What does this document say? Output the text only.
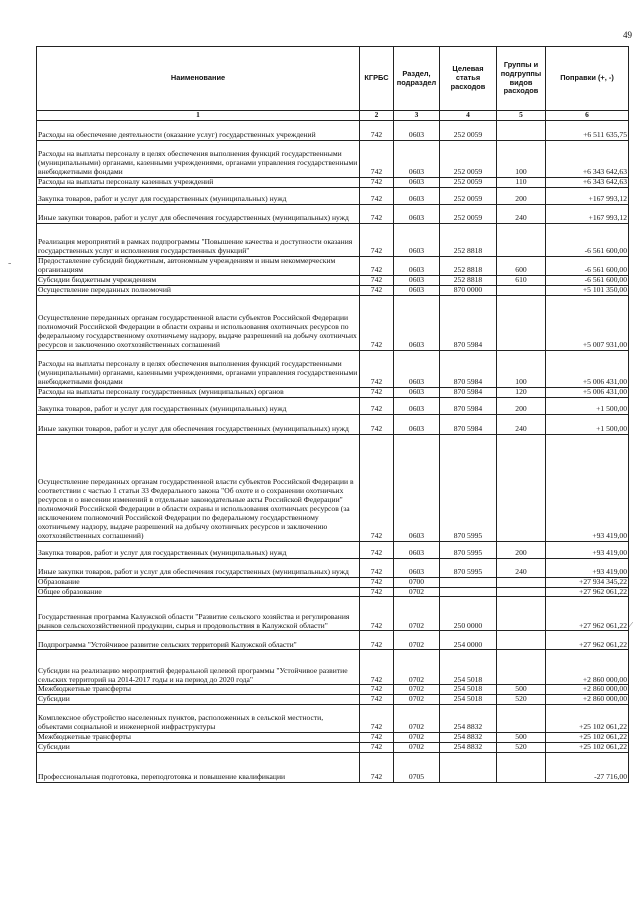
49
-
/
Наименование	КГРБС	Раздел, подраздел	Целевая статья расходов	Группы и подгруппы видов расходов	Поправки (+, -)
1	2	3	4	5	6
Расходы на обеспечение деятельности (оказание услуг) государственных учреждений	742	0603	252 0059		+6 511 635,75
Расходы на выплаты персоналу в целях обеспечения выполнения функций государственными (муниципальными) органами, казенными учреждениями, органами управления государственными внебюджетными фондами	742	0603	252 0059	100	+6 343 642,63
Расходы на выплаты персоналу казенных учреждений	742	0603	252 0059	110	+6 343 642,63
Закупка товаров, работ и услуг для государственных (муниципальных) нужд	742	0603	252 0059	200	+167 993,12
Иные закупки товаров, работ и услуг для обеспечения государственных (муниципальных) нужд	742	0603	252 0059	240	+167 993,12
Реализация мероприятий в рамках подпрограммы "Повышение качества и доступности оказания государственных услуг и исполнения государственных функций"	742	0603	252 8818		-6 561 600,00
Предоставление субсидий бюджетным, автономным учреждениям и иным некоммерческим организациям	742	0603	252 8818	600	-6 561 600,00
Субсидии бюджетным учреждениям	742	0603	252 8818	610	-6 561 600,00
Осуществление переданных полномочий	742	0603	870 0000		+5 101 350,00
Осуществление переданных органам государственной власти субъектов Российской Федерации полномочий Российской Федерации в области охраны и использования охотничьих ресурсов по федеральному государственному охотничьему надзору, выдаче разрешений на добычу охотничьих ресурсов и заключению охотхозяйственных соглашений	742	0603	870 5984		+5 007 931,00
Расходы на выплаты персоналу в целях обеспечения выполнения функций государственными (муниципальными) органами, казенными учреждениями, органами управления государственными внебюджетными фондами	742	0603	870 5984	100	+5 006 431,00
Расходы на выплаты персоналу государственных (муниципальных) органов	742	0603	870 5984	120	+5 006 431,00
Закупка товаров, работ и услуг для государственных (муниципальных) нужд	742	0603	870 5984	200	+1 500,00
Иные закупки товаров, работ и услуг для обеспечения государственных (муниципальных) нужд	742	0603	870 5984	240	+1 500,00
Осуществление переданных органам государственной власти субъектов Российской Федерации в соответствии с частью 1 статьи 33 Федерального закона "Об охоте и о сохранении охотничьих ресурсов и о внесении изменений в отдельные законодательные акты Российской Федерации" полномочий Российской Федерации в области охраны и использования охотничьих ресурсов (за исключением полномочий Российской Федерации по федеральному государственному охотничьему надзору, выдаче разрешений на добычу охотничьих ресурсов и заключению охотхозяйственных соглашений)	742	0603	870 5995		+93 419,00
Закупка товаров, работ и услуг для государственных (муниципальных) нужд	742	0603	870 5995	200	+93 419,00
Иные закупки товаров, работ и услуг для обеспечения государственных (муниципальных) нужд	742	0603	870 5995	240	+93 419,00
Образование	742	0700			+27 934 345,22
Общее образование	742	0702			+27 962 061,22
Государственная программа Калужской области "Развитие сельского хозяйства и регулирования рынков сельскохозяйственной продукции, сырья и продовольствия в Калужской области"	742	0702	250 0000		+27 962 061,22
Подпрограмма "Устойчивое развитие сельских территорий Калужской области"	742	0702	254 0000		+27 962 061,22
Субсидии на реализацию мероприятий федеральной целевой программы "Устойчивое развитие сельских территорий на 2014-2017 годы и на период до 2020 года"	742	0702	254 5018		+2 860 000,00
Межбюджетные трансферты	742	0702	254 5018	500	+2 860 000,00
Субсидии	742	0702	254 5018	520	+2 860 000,00
Комплексное обустройство населенных пунктов, расположенных в сельской местности, объектами социальной и инженерной инфраструктуры	742	0702	254 8832		+25 102 061,22
Межбюджетные трансферты	742	0702	254 8832	500	+25 102 061,22
Субсидии	742	0702	254 8832	520	+25 102 061,22
Профессиональная подготовка, переподготовка и повышение квалификации	742	0705			-27 716,00
